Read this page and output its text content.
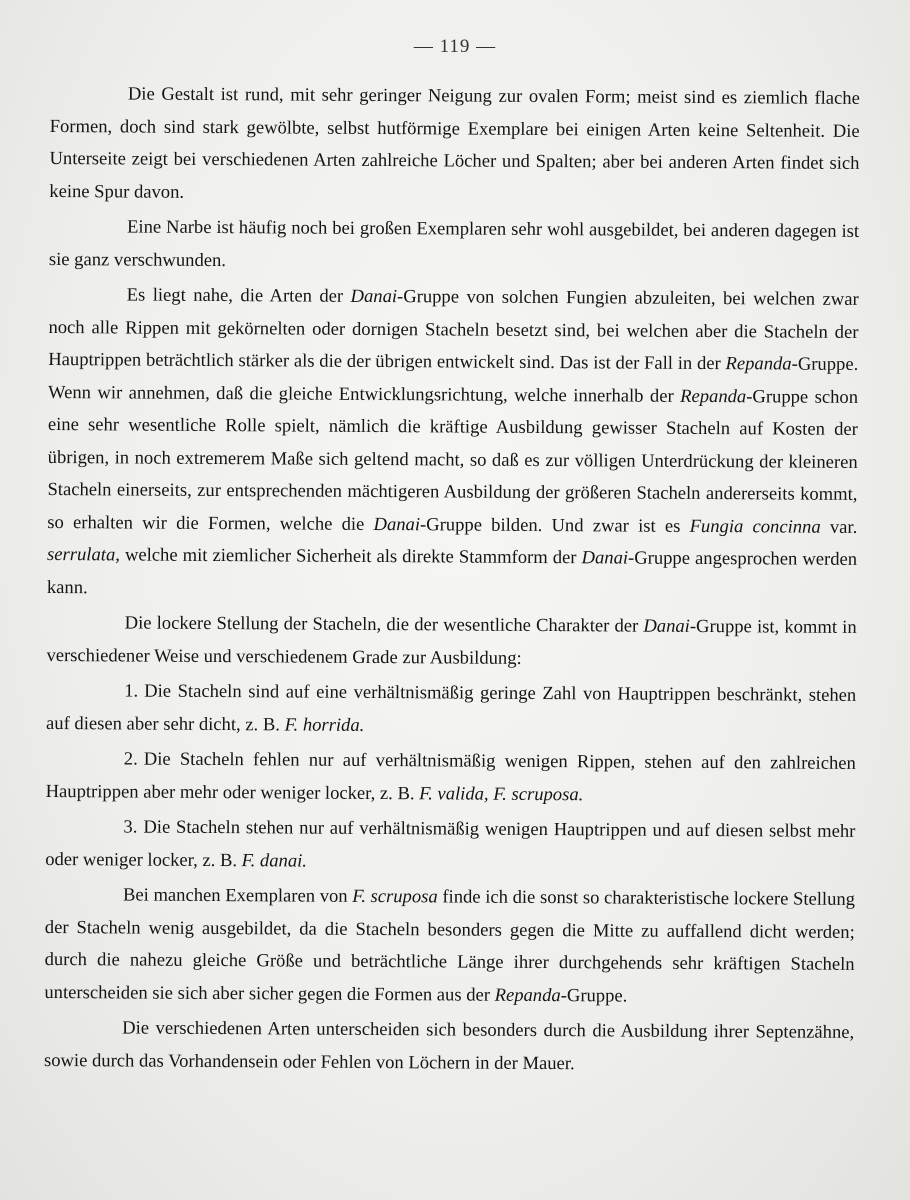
— 119 —

Die Gestalt ist rund, mit sehr geringer Neigung zur ovalen Form; meist sind es ziemlich flache Formen, doch sind stark gewölbte, selbst hutförmige Exemplare bei einigen Arten keine Seltenheit. Die Unterseite zeigt bei verschiedenen Arten zahlreiche Löcher und Spalten; aber bei anderen Arten findet sich keine Spur davon.

Eine Narbe ist häufig noch bei großen Exemplaren sehr wohl ausgebildet, bei anderen dagegen ist sie ganz verschwunden.

Es liegt nahe, die Arten der Danai-Gruppe von solchen Fungien abzuleiten, bei welchen zwar noch alle Rippen mit gekörnelten oder dornigen Stacheln besetzt sind, bei welchen aber die Stacheln der Hauptrippen beträchtlich stärker als die der übrigen entwickelt sind. Das ist der Fall in der Repanda-Gruppe. Wenn wir annehmen, daß die gleiche Entwicklungsrichtung, welche innerhalb der Repanda-Gruppe schon eine sehr wesentliche Rolle spielt, nämlich die kräftige Ausbildung gewisser Stacheln auf Kosten der übrigen, in noch extremerem Maße sich geltend macht, so daß es zur völligen Unterdrückung der kleineren Stacheln einerseits, zur entsprechenden mächtigeren Ausbildung der größeren Stacheln andererseits kommt, so erhalten wir die Formen, welche die Danai-Gruppe bilden. Und zwar ist es Fungia concinna var. serrulata, welche mit ziemlicher Sicherheit als direkte Stammform der Danai-Gruppe angesprochen werden kann.

Die lockere Stellung der Stacheln, die der wesentliche Charakter der Danai-Gruppe ist, kommt in verschiedener Weise und verschiedenem Grade zur Ausbildung:

1. Die Stacheln sind auf eine verhältnismäßig geringe Zahl von Hauptrippen beschränkt, stehen auf diesen aber sehr dicht, z. B. F. horrida.

2. Die Stacheln fehlen nur auf verhältnismäßig wenigen Rippen, stehen auf den zahlreichen Hauptrippen aber mehr oder weniger locker, z. B. F. valida, F. scruposa.

3. Die Stacheln stehen nur auf verhältnismäßig wenigen Hauptrippen und auf diesen selbst mehr oder weniger locker, z. B. F. danai.

Bei manchen Exemplaren von F. scruposa finde ich die sonst so charakteristische lockere Stellung der Stacheln wenig ausgebildet, da die Stacheln besonders gegen die Mitte zu auffallend dicht werden; durch die nahezu gleiche Größe und beträchtliche Länge ihrer durchgehends sehr kräftigen Stacheln unterscheiden sie sich aber sicher gegen die Formen aus der Repanda-Gruppe.

Die verschiedenen Arten unterscheiden sich besonders durch die Ausbildung ihrer Septenzähne, sowie durch das Vorhandensein oder Fehlen von Löchern in der Mauer.
